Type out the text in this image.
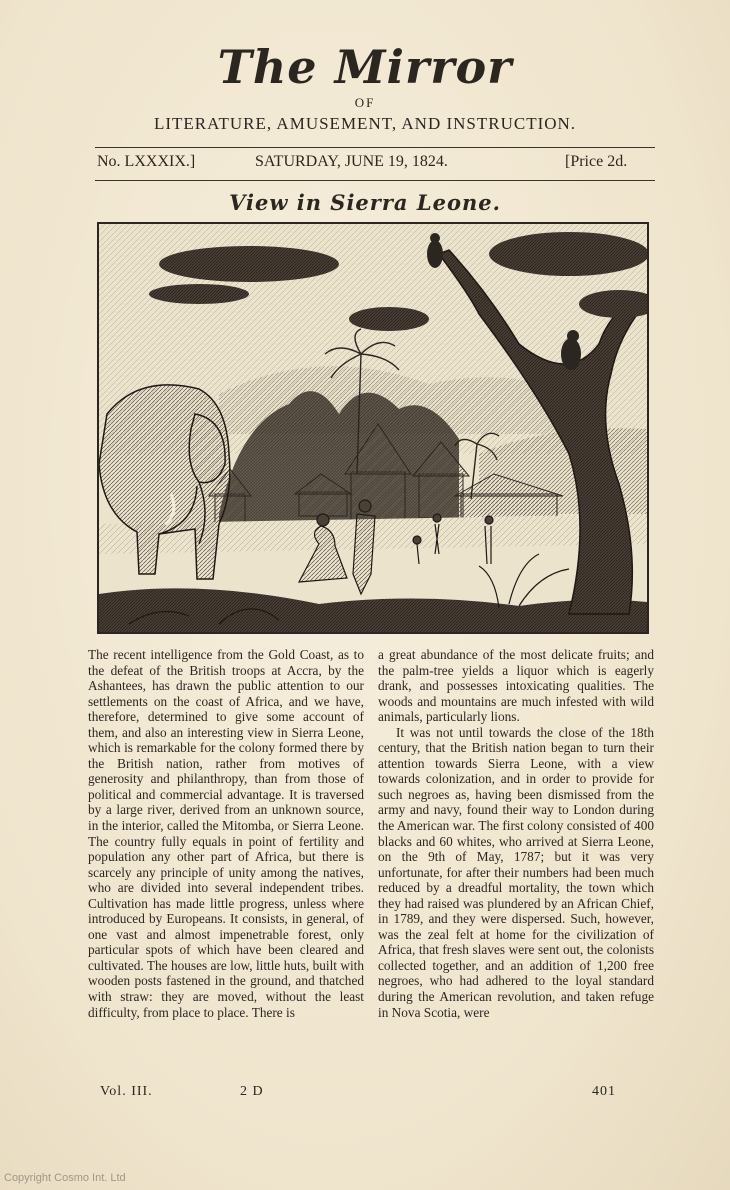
The Mirror
OF
LITERATURE, AMUSEMENT, AND INSTRUCTION.
No. LXXXIX.]	SATURDAY, JUNE 19, 1824.	[Price 2d.
View in Sierra Leone.

The recent intelligence from the Gold Coast, as to the defeat of the British troops at Accra, by the Ashantees, has drawn the public attention to our settlements on the coast of Africa, and we have, therefore, determined to give some account of them, and also an interesting view in Sierra Leone, which is remarkable for the colony formed there by the British nation, rather from motives of generosity and philanthropy, than from those of political and commercial advantage. It is traversed by a large river, derived from an unknown source, in the interior, called the Mitomba, or Sierra Leone. The country fully equals in point of fertility and population any other part of Africa, but there is scarcely any principle of unity among the natives, who are divided into several independent tribes. Cultivation has made little progress, unless where introduced by Europeans. It consists, in general, of one vast and almost impenetrable forest, only particular spots of which have been cleared and cultivated. The houses are low, little huts, built with wooden posts fastened in the ground, and thatched with straw: they are moved, without the least difficulty, from place to place. There is

a great abundance of the most delicate fruits; and the palm-tree yields a liquor which is eagerly drank, and possesses intoxicating qualities. The woods and mountains are much infested with wild animals, particularly lions.

It was not until towards the close of the 18th century, that the British nation began to turn their attention towards Sierra Leone, with a view towards colonization, and in order to provide for such negroes as, having been dismissed from the army and navy, found their way to London during the American war. The first colony consisted of 400 blacks and 60 whites, who arrived at Sierra Leone, on the 9th of May, 1787; but it was very unfortunate, for after their numbers had been much reduced by a dreadful mortality, the town which they had raised was plundered by an African Chief, in 1789, and they were dispersed. Such, however, was the zeal felt at home for the civilization of Africa, that fresh slaves were sent out, the colonists collected together, and an addition of 1,200 free negroes, who had adhered to the loyal standard during the American revolution, and taken refuge in Nova Scotia, were

Vol. III.	2 D	401
Copyright Cosmo Int. Ltd
